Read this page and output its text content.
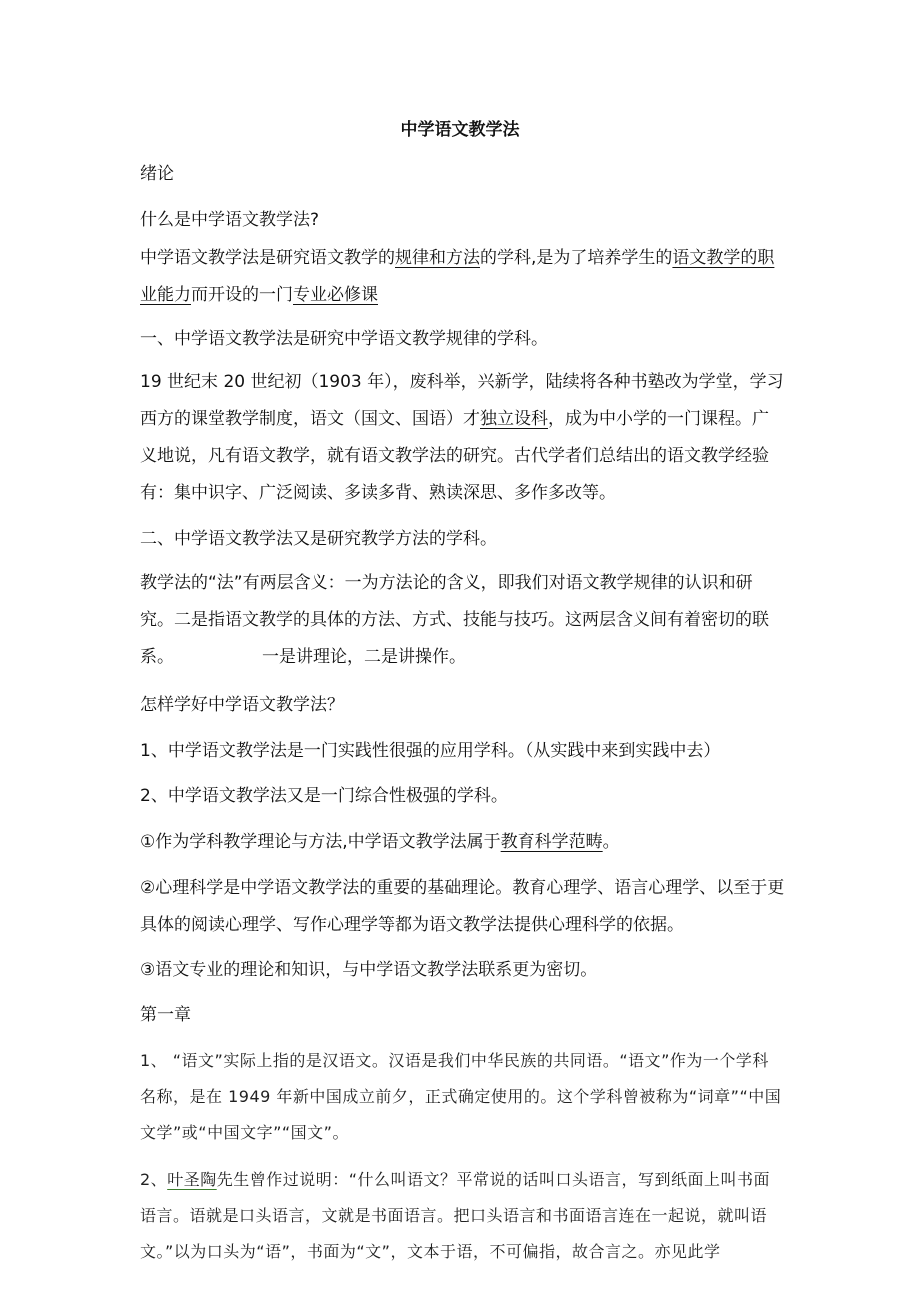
中学语文教学法
绪论
什么是中学语文教学法?
中学语文教学法是研究语文教学的规律和方法的学科,是为了培养学生的语文教学的职业能力而开设的一门专业必修课
一、中学语文教学法是研究中学语文教学规律的学科。
19 世纪末 20 世纪初（1903 年），废科举，兴新学，陆续将各种书塾改为学堂，学习西方的课堂教学制度，语文（国文、国语）才独立设科，成为中小学的一门课程。广义地说，凡有语文教学，就有语文教学法的研究。古代学者们总结出的语文教学经验有：集中识字、广泛阅读、多读多背、熟读深思、多作多改等。
二、中学语文教学法又是研究教学方法的学科。
教学法的“法”有两层含义：一为方法论的含义，即我们对语文教学规律的认识和研究。二是指语文教学的具体的方法、方式、技能与技巧。这两层含义间有着密切的联系。	一是讲理论，二是讲操作。
怎样学好中学语文教学法？
1、中学语文教学法是一门实践性很强的应用学科。（从实践中来到实践中去）
2、中学语文教学法又是一门综合性极强的学科。
①作为学科教学理论与方法,中学语文教学法属于教育科学范畴。
②心理科学是中学语文教学法的重要的基础理论。教育心理学、语言心理学、以至于更具体的阅读心理学、写作心理学等都为语文教学法提供心理科学的依据。
③语文专业的理论和知识，与中学语文教学法联系更为密切。
第一章
1、 “语文”实际上指的是汉语文。汉语是我们中华民族的共同语。“语文”作为一个学科名称，是在 1949 年新中国成立前夕，正式确定使用的。这个学科曾被称为“词章”“中国文学”或“中国文字”“国文”。
2、叶圣陶先生曾作过说明：“什么叫语文？平常说的话叫口头语言，写到纸面上叫书面语言。语就是口头语言，文就是书面语言。把口头语言和书面语言连在一起说，就叫语文。”以为口头为“语”，书面为“文”，文本于语，不可偏指，故合言之。亦见此学
